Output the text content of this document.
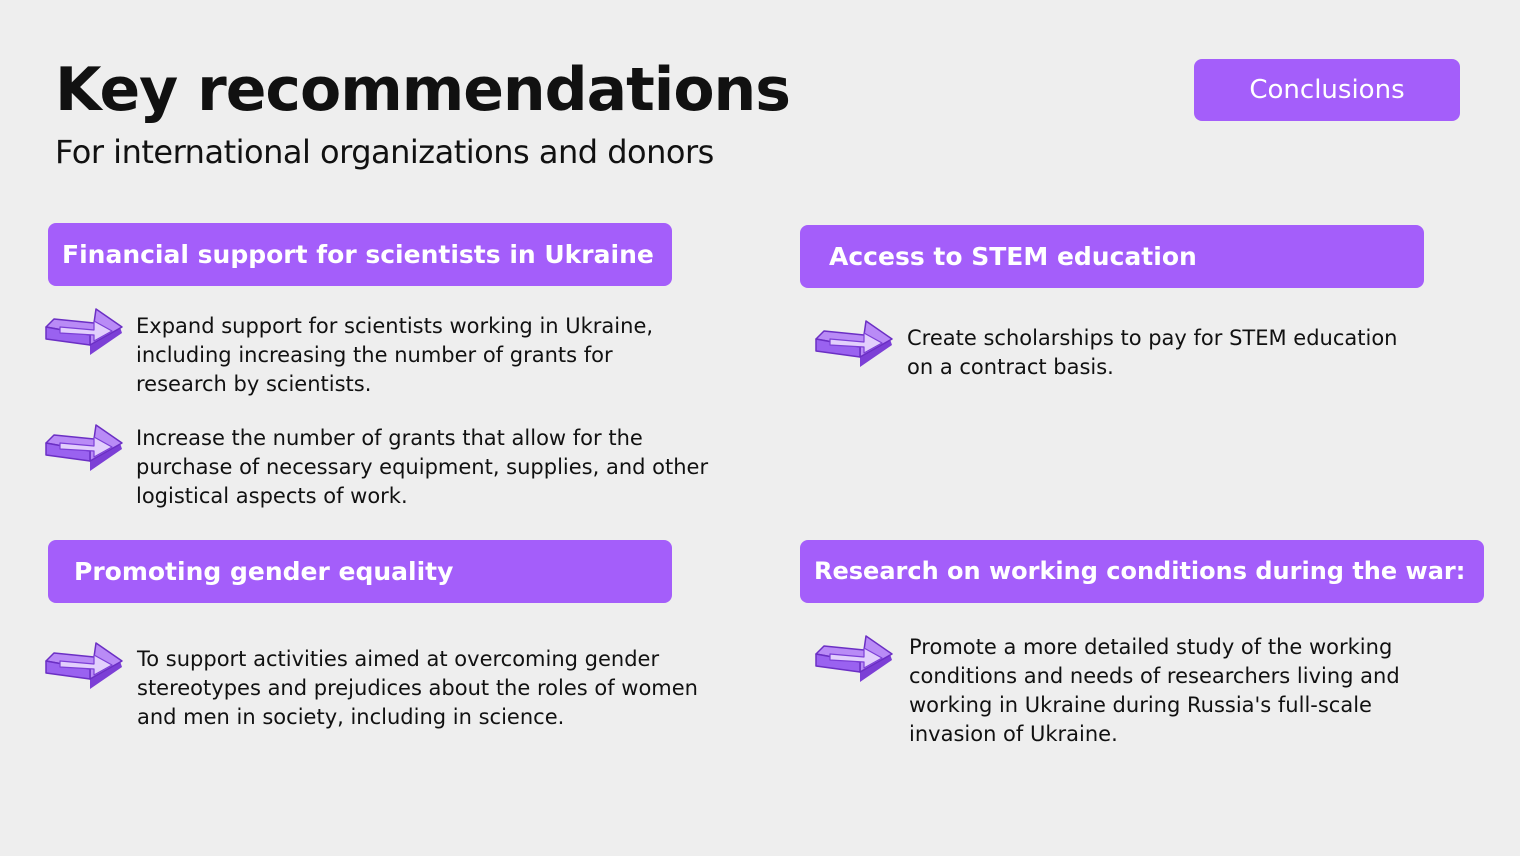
Key recommendations
For international organizations and donors
Conclusions
Financial support for scientists in Ukraine

Expand support for scientists working in Ukraine, including increasing the number of grants for research by scientists.

Increase the number of grants that allow for the purchase of necessary equipment, supplies, and other logistical aspects of work.

Access to STEM education

Create scholarships to pay for STEM education on a contract basis.

Promoting gender equality

To support activities aimed at overcoming gender stereotypes and prejudices about the roles of women and men in society, including in science.

Research on working conditions during the war:

Promote a more detailed study of the working conditions and needs of researchers living and working in Ukraine during Russia's full-scale invasion of Ukraine.
